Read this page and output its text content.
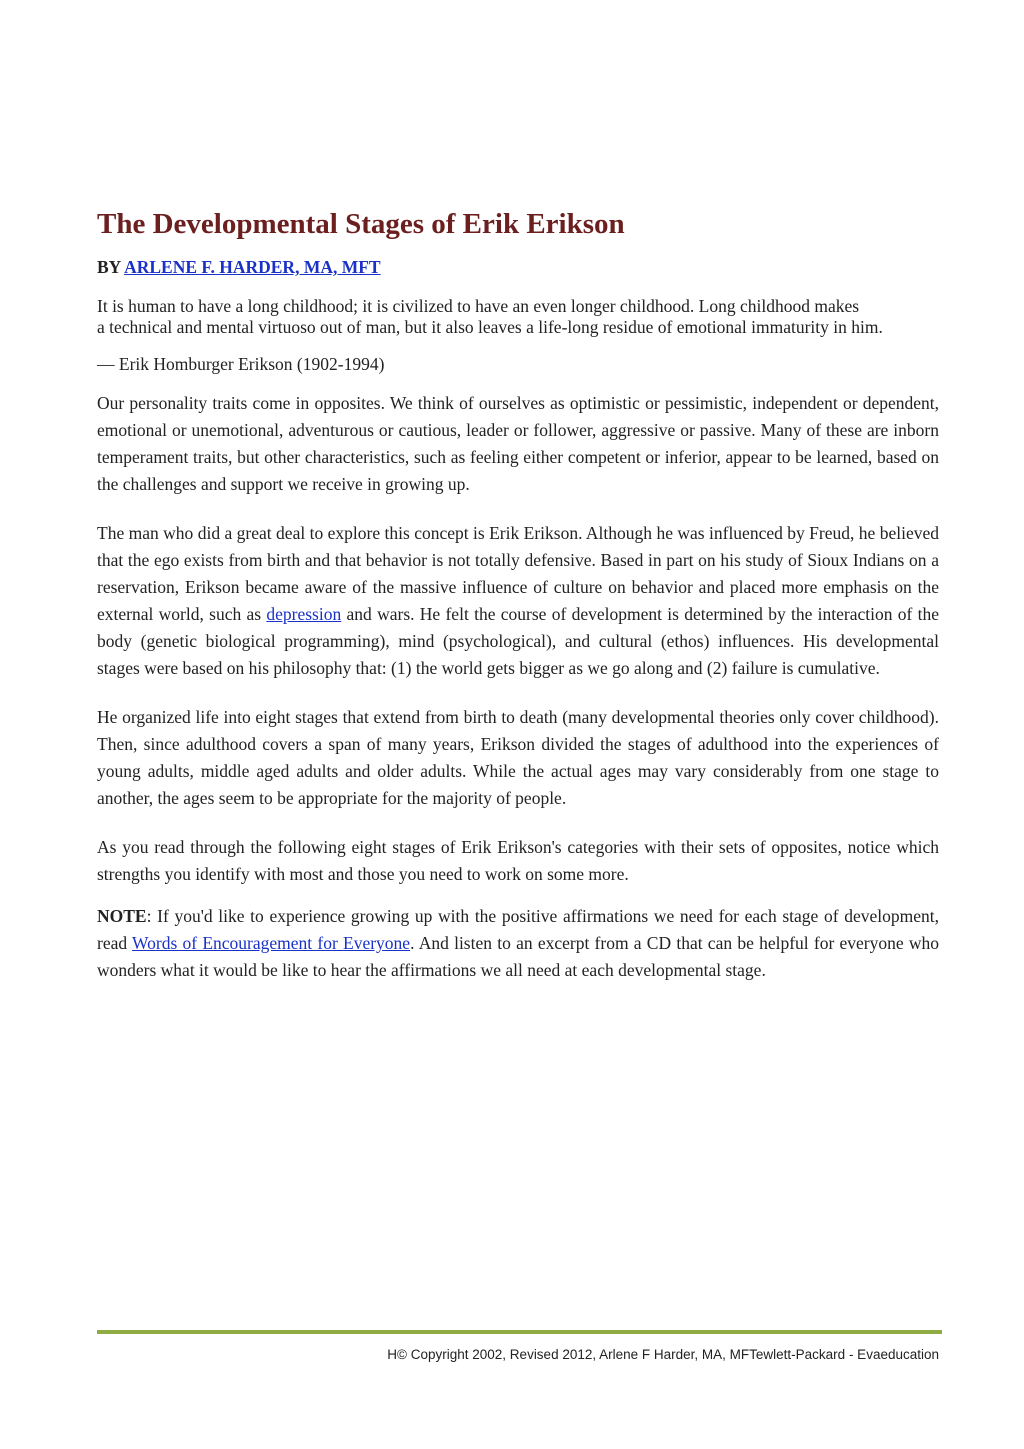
The Developmental Stages of Erik Erikson

BY ARLENE F. HARDER, MA, MFT

It is human to have a long childhood; it is civilized to have an even longer childhood. Long childhood makes
a technical and mental virtuoso out of man, but it also leaves a life-long residue of emotional immaturity in him.

— Erik Homburger Erikson (1902-1994)

Our personality traits come in opposites. We think of ourselves as optimistic or pessimistic, independent or dependent, emotional or unemotional, adventurous or cautious, leader or follower, aggressive or passive. Many of these are inborn temperament traits, but other characteristics, such as feeling either competent or inferior, appear to be learned, based on the challenges and support we receive in growing up.

The man who did a great deal to explore this concept is Erik Erikson. Although he was influenced by Freud, he believed that the ego exists from birth and that behavior is not totally defensive. Based in part on his study of Sioux Indians on a reservation, Erikson became aware of the massive influence of culture on behavior and placed more emphasis on the external world, such as depression and wars. He felt the course of development is determined by the interaction of the body (genetic biological programming), mind (psychological), and cultural (ethos) influences. His developmental stages were based on his philosophy that: (1) the world gets bigger as we go along and (2) failure is cumulative.

He organized life into eight stages that extend from birth to death (many developmental theories only cover childhood). Then, since adulthood covers a span of many years, Erikson divided the stages of adulthood into the experiences of young adults, middle aged adults and older adults. While the actual ages may vary considerably from one stage to another, the ages seem to be appropriate for the majority of people.

As you read through the following eight stages of Erik Erikson's categories with their sets of opposites, notice which strengths you identify with most and those you need to work on some more.

NOTE: If you'd like to experience growing up with the positive affirmations we need for each stage of development, read Words of Encouragement for Everyone. And listen to an excerpt from a CD that can be helpful for everyone who wonders what it would be like to hear the affirmations we all need at each developmental stage.

H© Copyright 2002, Revised 2012, Arlene F Harder, MA, MFTewlett-Packard - Evaeducation
